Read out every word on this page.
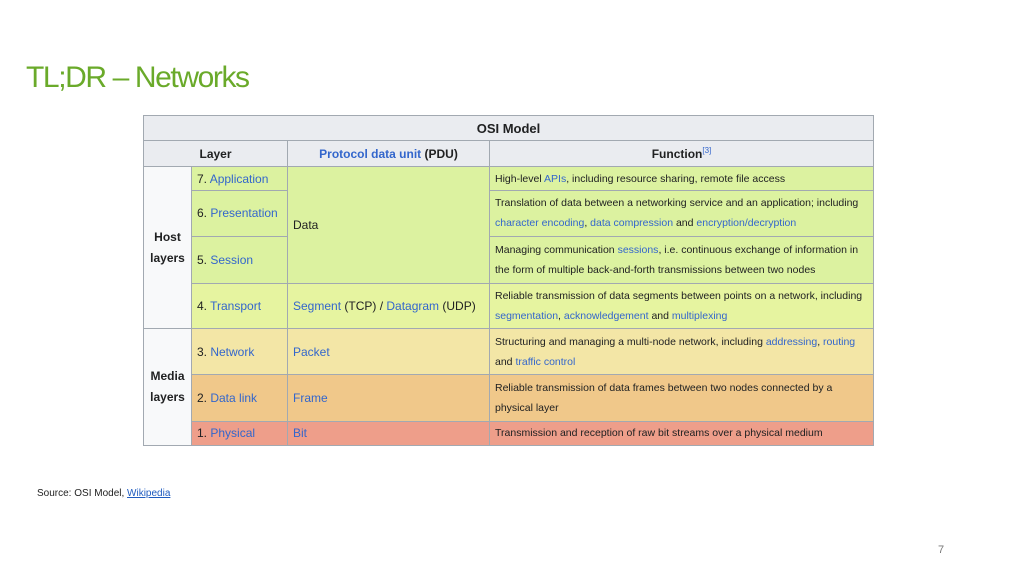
TL;DR – Networks
OSI Model			
Layer		Protocol data unit (PDU)	Function[3]
Host layers	7. Application	Data	High-level APIs, including resource sharing, remote file access
	6. Presentation		Translation of data between a networking service and an application; including character encoding, data compression and encryption/decryption
	5. Session		Managing communication sessions, i.e. continuous exchange of information in the form of multiple back-and-forth transmissions between two nodes
	4. Transport	Segment (TCP) / Datagram (UDP)	Reliable transmission of data segments between points on a network, including segmentation, acknowledgement and multiplexing
Media layers	3. Network	Packet	Structuring and managing a multi-node network, including addressing, routing and traffic control
	2. Data link	Frame	Reliable transmission of data frames between two nodes connected by a physical layer
	1. Physical	Bit	Transmission and reception of raw bit streams over a physical medium
Source: OSI Model, Wikipedia
7
